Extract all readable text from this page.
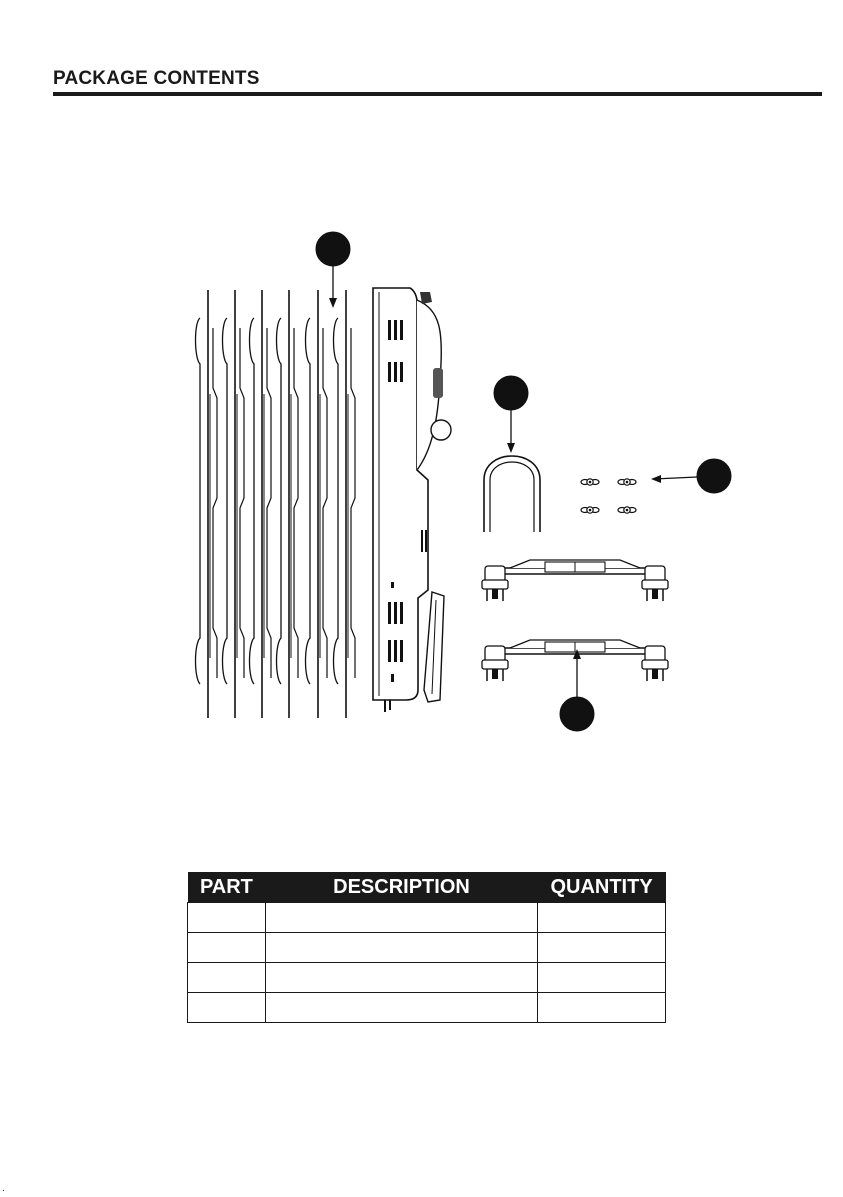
PACKAGE CONTENTS
PART	DESCRIPTION	QUANTITY

.
